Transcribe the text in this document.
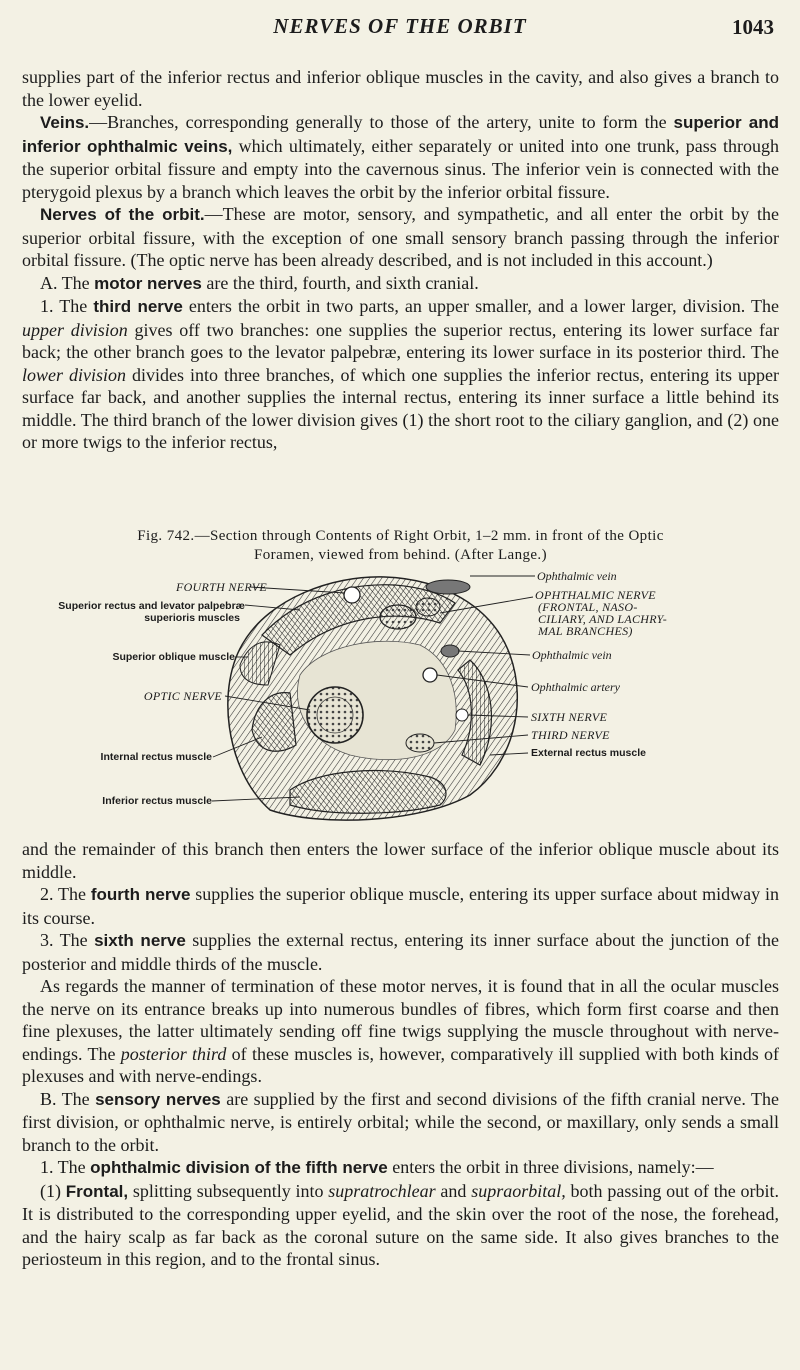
NERVES OF THE ORBIT	1043

supplies part of the inferior rectus and inferior oblique muscles in the cavity, and also gives a branch to the lower eyelid.

Veins.—Branches, corresponding generally to those of the artery, unite to form the superior and inferior ophthalmic veins, which ultimately, either separately or united into one trunk, pass through the superior orbital fissure and empty into the cavernous sinus. The inferior vein is connected with the pterygoid plexus by a branch which leaves the orbit by the inferior orbital fissure.

Nerves of the orbit.—These are motor, sensory, and sympathetic, and all enter the orbit by the superior orbital fissure, with the exception of one small sensory branch passing through the inferior orbital fissure. (The optic nerve has been already described, and is not included in this account.)

A. The motor nerves are the third, fourth, and sixth cranial.

1. The third nerve enters the orbit in two parts, an upper smaller, and a lower larger, division. The upper division gives off two branches: one supplies the superior rectus, entering its lower surface far back; the other branch goes to the levator palpebræ, entering its lower surface in its posterior third. The lower division divides into three branches, of which one supplies the inferior rectus, entering its upper surface far back, and another supplies the internal rectus, entering its inner surface a little behind its middle. The third branch of the lower division gives (1) the short root to the ciliary ganglion, and (2) one or more twigs to the inferior rectus,

Fig. 742.—Section through Contents of Right Orbit, 1–2 mm. in front of the Optic
Foramen, viewed from behind. (After Lange.)
FOURTH NERVE
Superior rectus and levator palpebræ
superioris muscles
Superior oblique muscle
OPTIC NERVE
Internal rectus muscle
Inferior rectus muscle
Ophthalmic vein
OPHTHALMIC NERVE
(FRONTAL, NASO-
CILIARY, AND LACHRY-
MAL BRANCHES)
Ophthalmic vein
Ophthalmic artery
SIXTH NERVE
THIRD NERVE
External rectus muscle

and the remainder of this branch then enters the lower surface of the inferior oblique muscle about its middle.

2. The fourth nerve supplies the superior oblique muscle, entering its upper surface about midway in its course.

3. The sixth nerve supplies the external rectus, entering its inner surface about the junction of the posterior and middle thirds of the muscle.

As regards the manner of termination of these motor nerves, it is found that in all the ocular muscles the nerve on its entrance breaks up into numerous bundles of fibres, which form first coarse and then fine plexuses, the latter ultimately sending off fine twigs supplying the muscle throughout with nerve-endings. The posterior third of these muscles is, however, comparatively ill supplied with both kinds of plexuses and with nerve-endings.

B. The sensory nerves are supplied by the first and second divisions of the fifth cranial nerve. The first division, or ophthalmic nerve, is entirely orbital; while the second, or maxillary, only sends a small branch to the orbit.

1. The ophthalmic division of the fifth nerve enters the orbit in three divisions, namely:—

(1) Frontal, splitting subsequently into supratrochlear and supraorbital, both passing out of the orbit. It is distributed to the corresponding upper eyelid, and the skin over the root of the nose, the forehead, and the hairy scalp as far back as the coronal suture on the same side. It also gives branches to the periosteum in this region, and to the frontal sinus.
